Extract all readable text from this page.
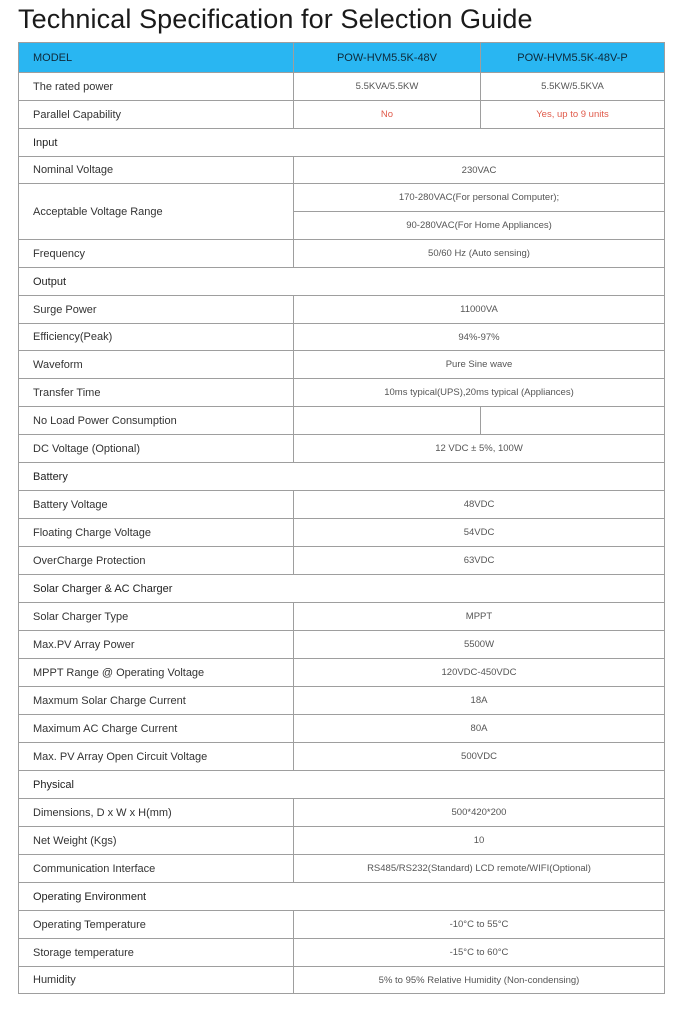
Technical Specification for Selection Guide
MODEL	POW-HVM5.5K-48V	POW-HVM5.5K-48V-P
The rated power	5.5KVA/5.5KW	5.5KW/5.5KVA
Parallel Capability	No	Yes, up to 9 units
Input		
Nominal Voltage	230VAC	
Acceptable Voltage Range	170-280VAC(For personal Computer);	
	90-280VAC(For Home Appliances)	
Frequency	50/60 Hz (Auto sensing)	
Output		
Surge Power	11000VA	
Efficiency(Peak)	94%-97%	
Waveform	Pure Sine wave	
Transfer Time	10ms typical(UPS),20ms typical (Appliances)	
No Load Power Consumption		
DC Voltage (Optional)	12 VDC ± 5%, 100W	
Battery		
Battery Voltage	48VDC	
Floating Charge Voltage	54VDC	
OverCharge Protection	63VDC	
Solar Charger & AC Charger		
Solar Charger Type	MPPT	
Max.PV Array Power	5500W	
MPPT Range @ Operating Voltage	120VDC-450VDC	
Maxmum Solar Charge Current	18A	
Maximum AC Charge Current	80A	
Max. PV Array Open Circuit Voltage	500VDC	
Physical		
Dimensions, D x W x H(mm)	500*420*200	
Net Weight (Kgs)	10	
Communication Interface	RS485/RS232(Standard) LCD remote/WIFI(Optional)	
Operating Environment		
Operating Temperature	-10°C to 55°C	
Storage temperature	-15°C to 60°C	
Humidity	5% to 95% Relative Humidity (Non-condensing)	
